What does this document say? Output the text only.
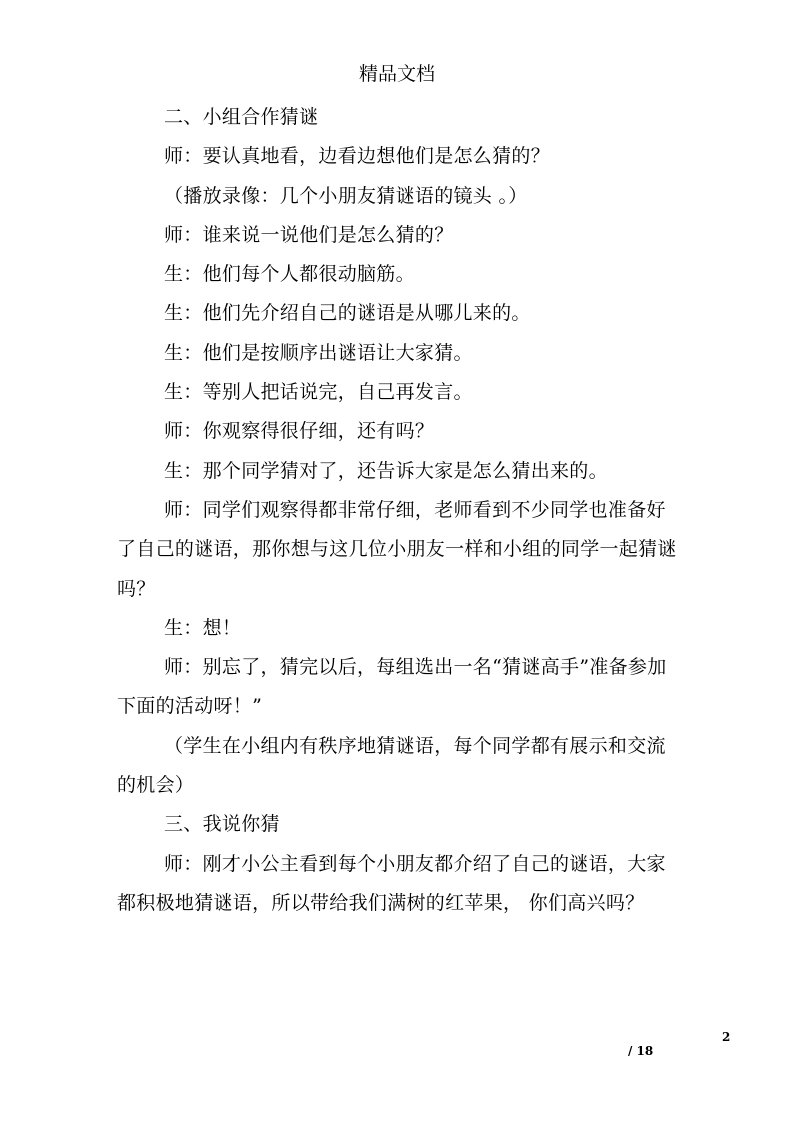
精品文档

二、小组合作猜谜

师：要认真地看，边看边想他们是怎么猜的？

（播放录像：几个小朋友猜谜语的镜头 。）

师：谁来说一说他们是怎么猜的？

生：他们每个人都很动脑筋。

生：他们先介绍自己的谜语是从哪儿来的。

生：他们是按顺序出谜语让大家猜。

生：等别人把话说完，自己再发言。

师：你观察得很仔细，还有吗？

生：那个同学猜对了，还告诉大家是怎么猜出来的。

师：同学们观察得都非常仔细，老师看到不少同学也准备好了自己的谜语，那你想与这几位小朋友一样和小组的同学一起猜谜吗？

生：想！

师：别忘了，猜完以后，每组选出一名“猜谜高手”准备参加下面的活动呀！”

（学生在小组内有秩序地猜谜语，每个同学都有展示和交流的机会）

三、我说你猜

师：刚才小公主看到每个小朋友都介绍了自己的谜语，大家都积极地猜谜语，所以带给我们满树的红苹果， 你们高兴吗？

2
/ 18
